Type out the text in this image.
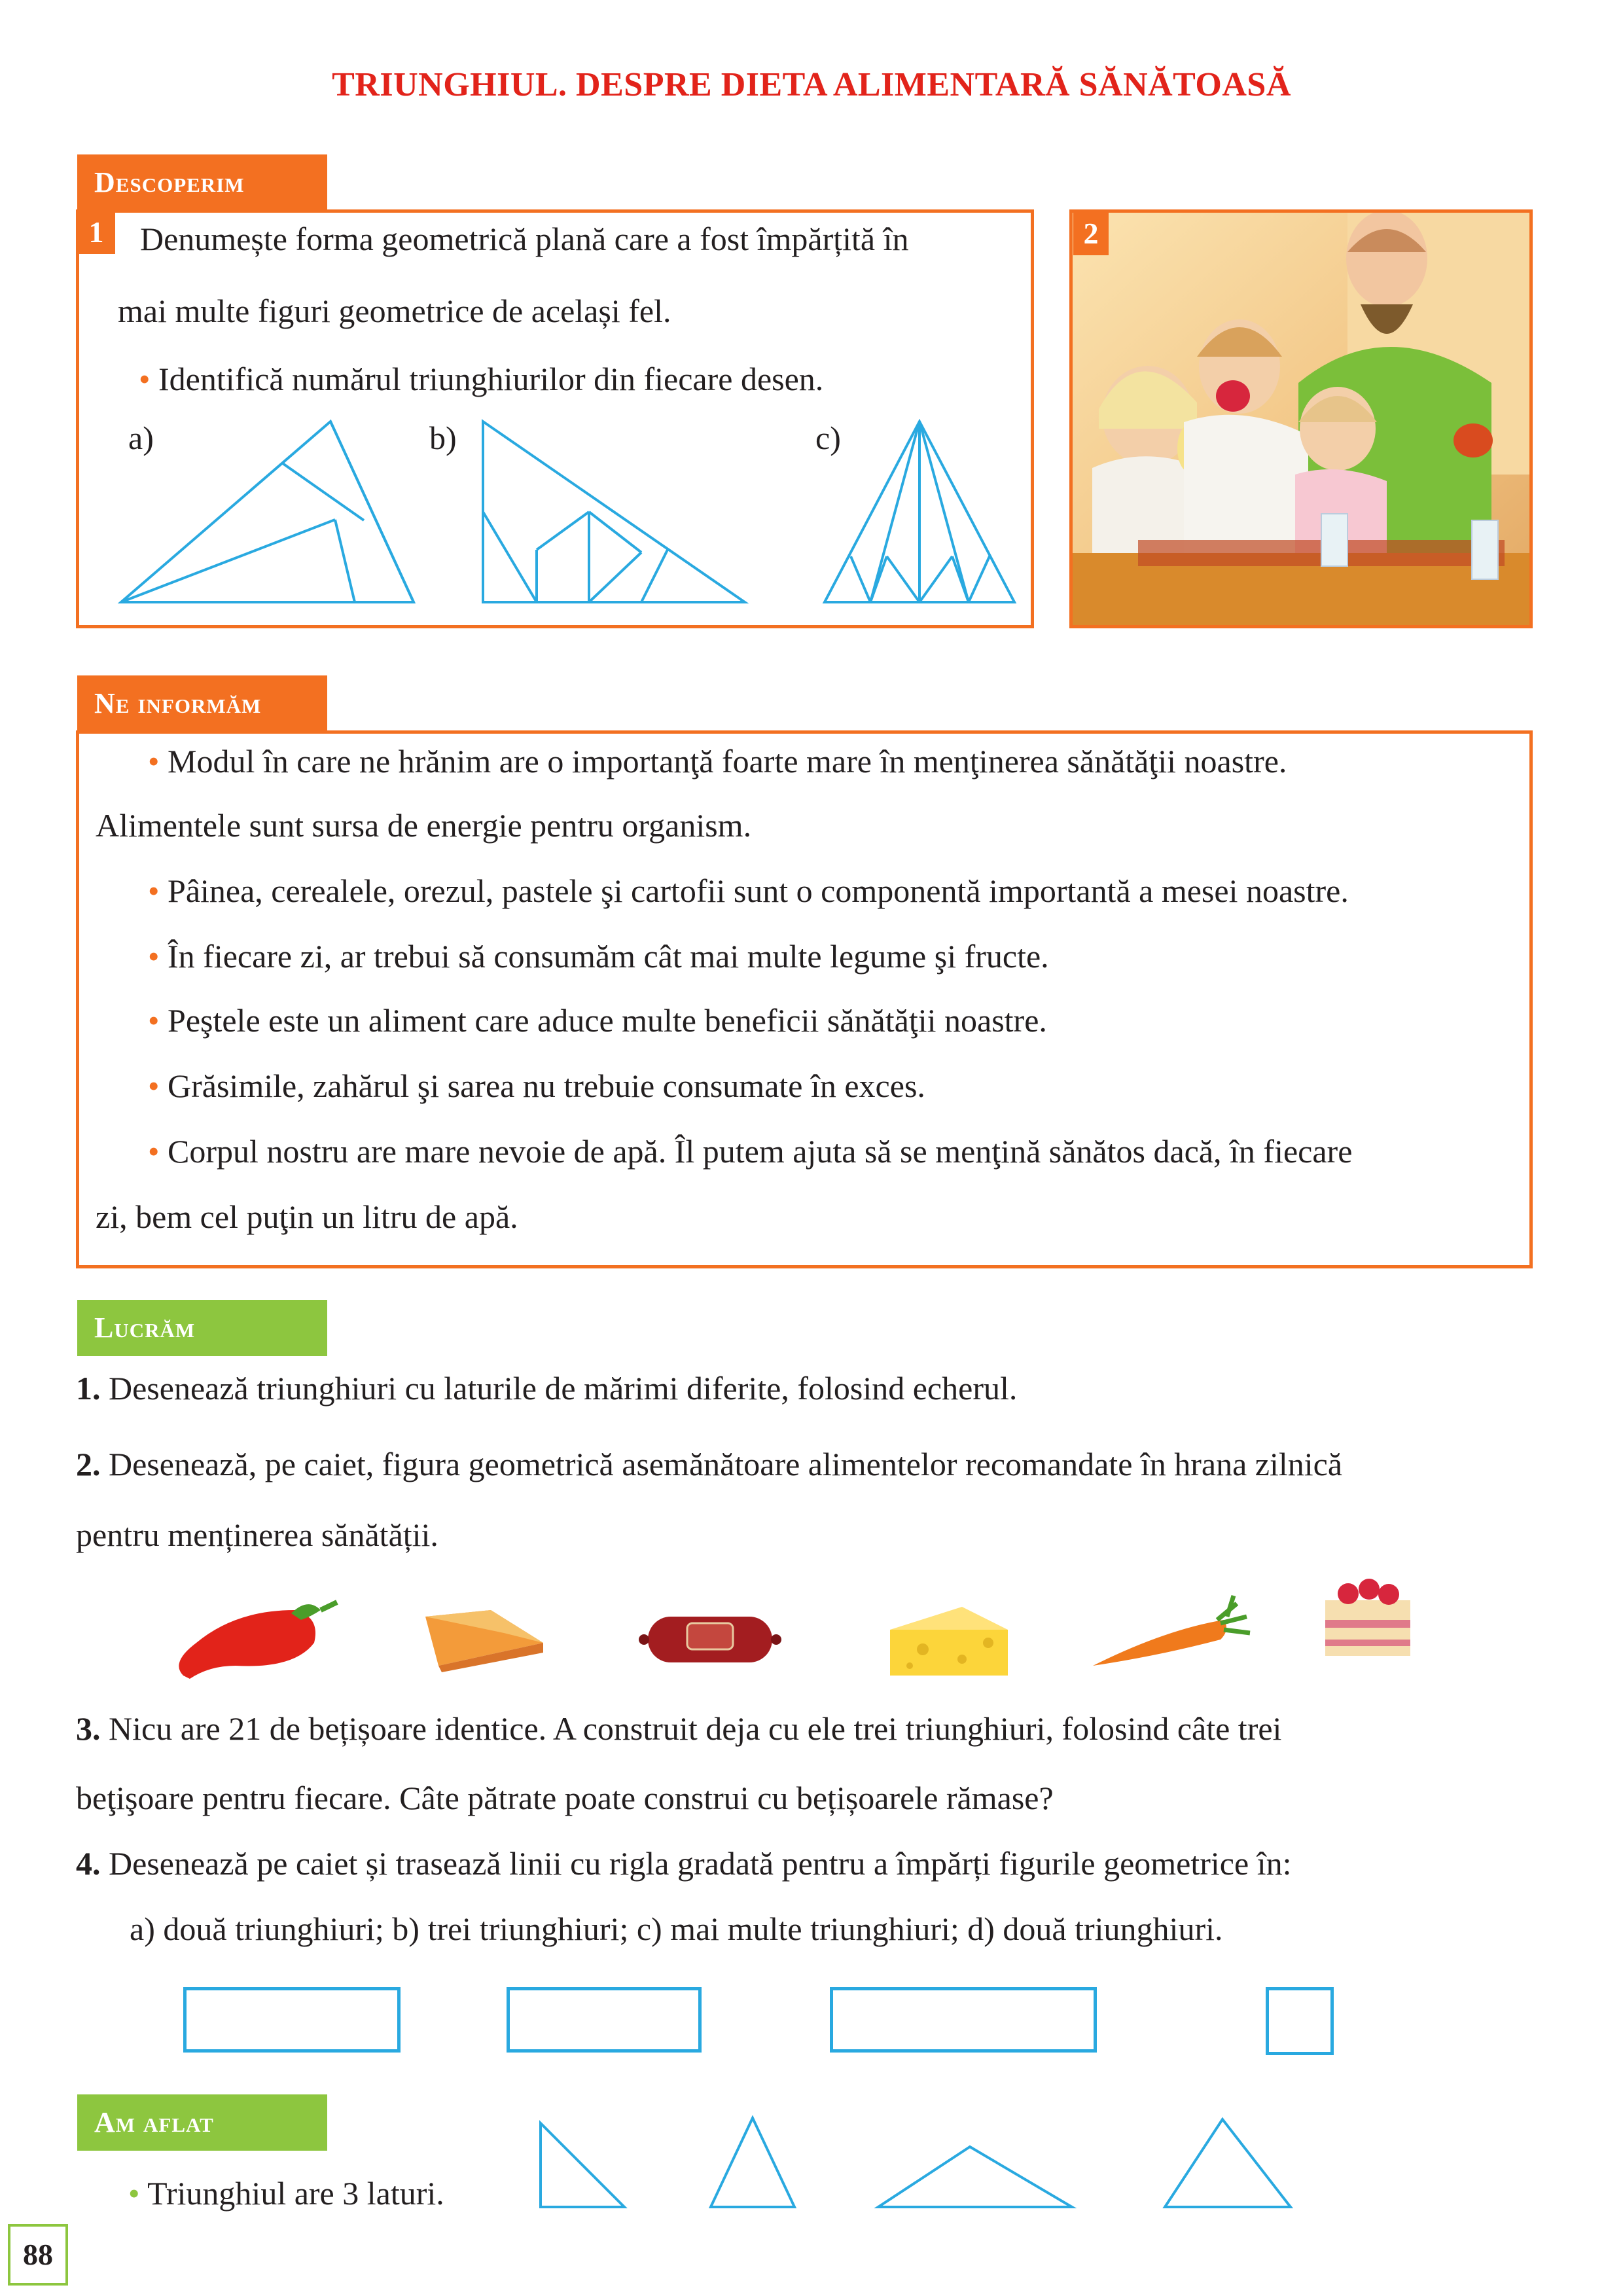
TRIUNGHIUL. DESPRE DIETA ALIMENTARĂ SĂNĂTOASĂ
Descoperim
1	Denumește forma geometrică plană care a fost împărțită în
mai multe figuri geometrice de același fel.
• Identifică numărul triunghiurilor din fiecare desen.
a)	b)	c)
2
Ne informăm
• Modul în care ne hrănim are o importanţă foarte mare în menţinerea sănătăţii noastre.
Alimentele sunt sursa de energie pentru organism.
• Pâinea, cerealele, orezul, pastele şi cartofii sunt o componentă importantă a mesei noastre.
• În fiecare zi, ar trebui să consumăm cât mai multe legume şi fructe.
• Peştele este un aliment care aduce multe beneficii sănătăţii noastre.
• Grăsimile, zahărul şi sarea nu trebuie consumate în exces.
• Corpul nostru are mare nevoie de apă. Îl putem ajuta să se menţină sănătos dacă, în fiecare
zi, bem cel puţin un litru de apă.
Lucrăm
1. Desenează triunghiuri cu laturile de mărimi diferite, folosind echerul.
2. Desenează, pe caiet, figura geometrică asemănătoare alimentelor recomandate în hrana zilnică
pentru menținerea sănătății.
3. Nicu are 21 de bețișoare identice. A construit deja cu ele trei triunghiuri, folosind câte trei
beţişoare pentru fiecare. Câte pătrate poate construi cu bețișoarele rămase?
4. Desenează pe caiet și trasează linii cu rigla gradată pentru a împărți figurile geometrice în:
a) două triunghiuri; b) trei triunghiuri; c) mai multe triunghiuri; d) două triunghiuri.
Am aflat
• Triunghiul are 3 laturi.
88
